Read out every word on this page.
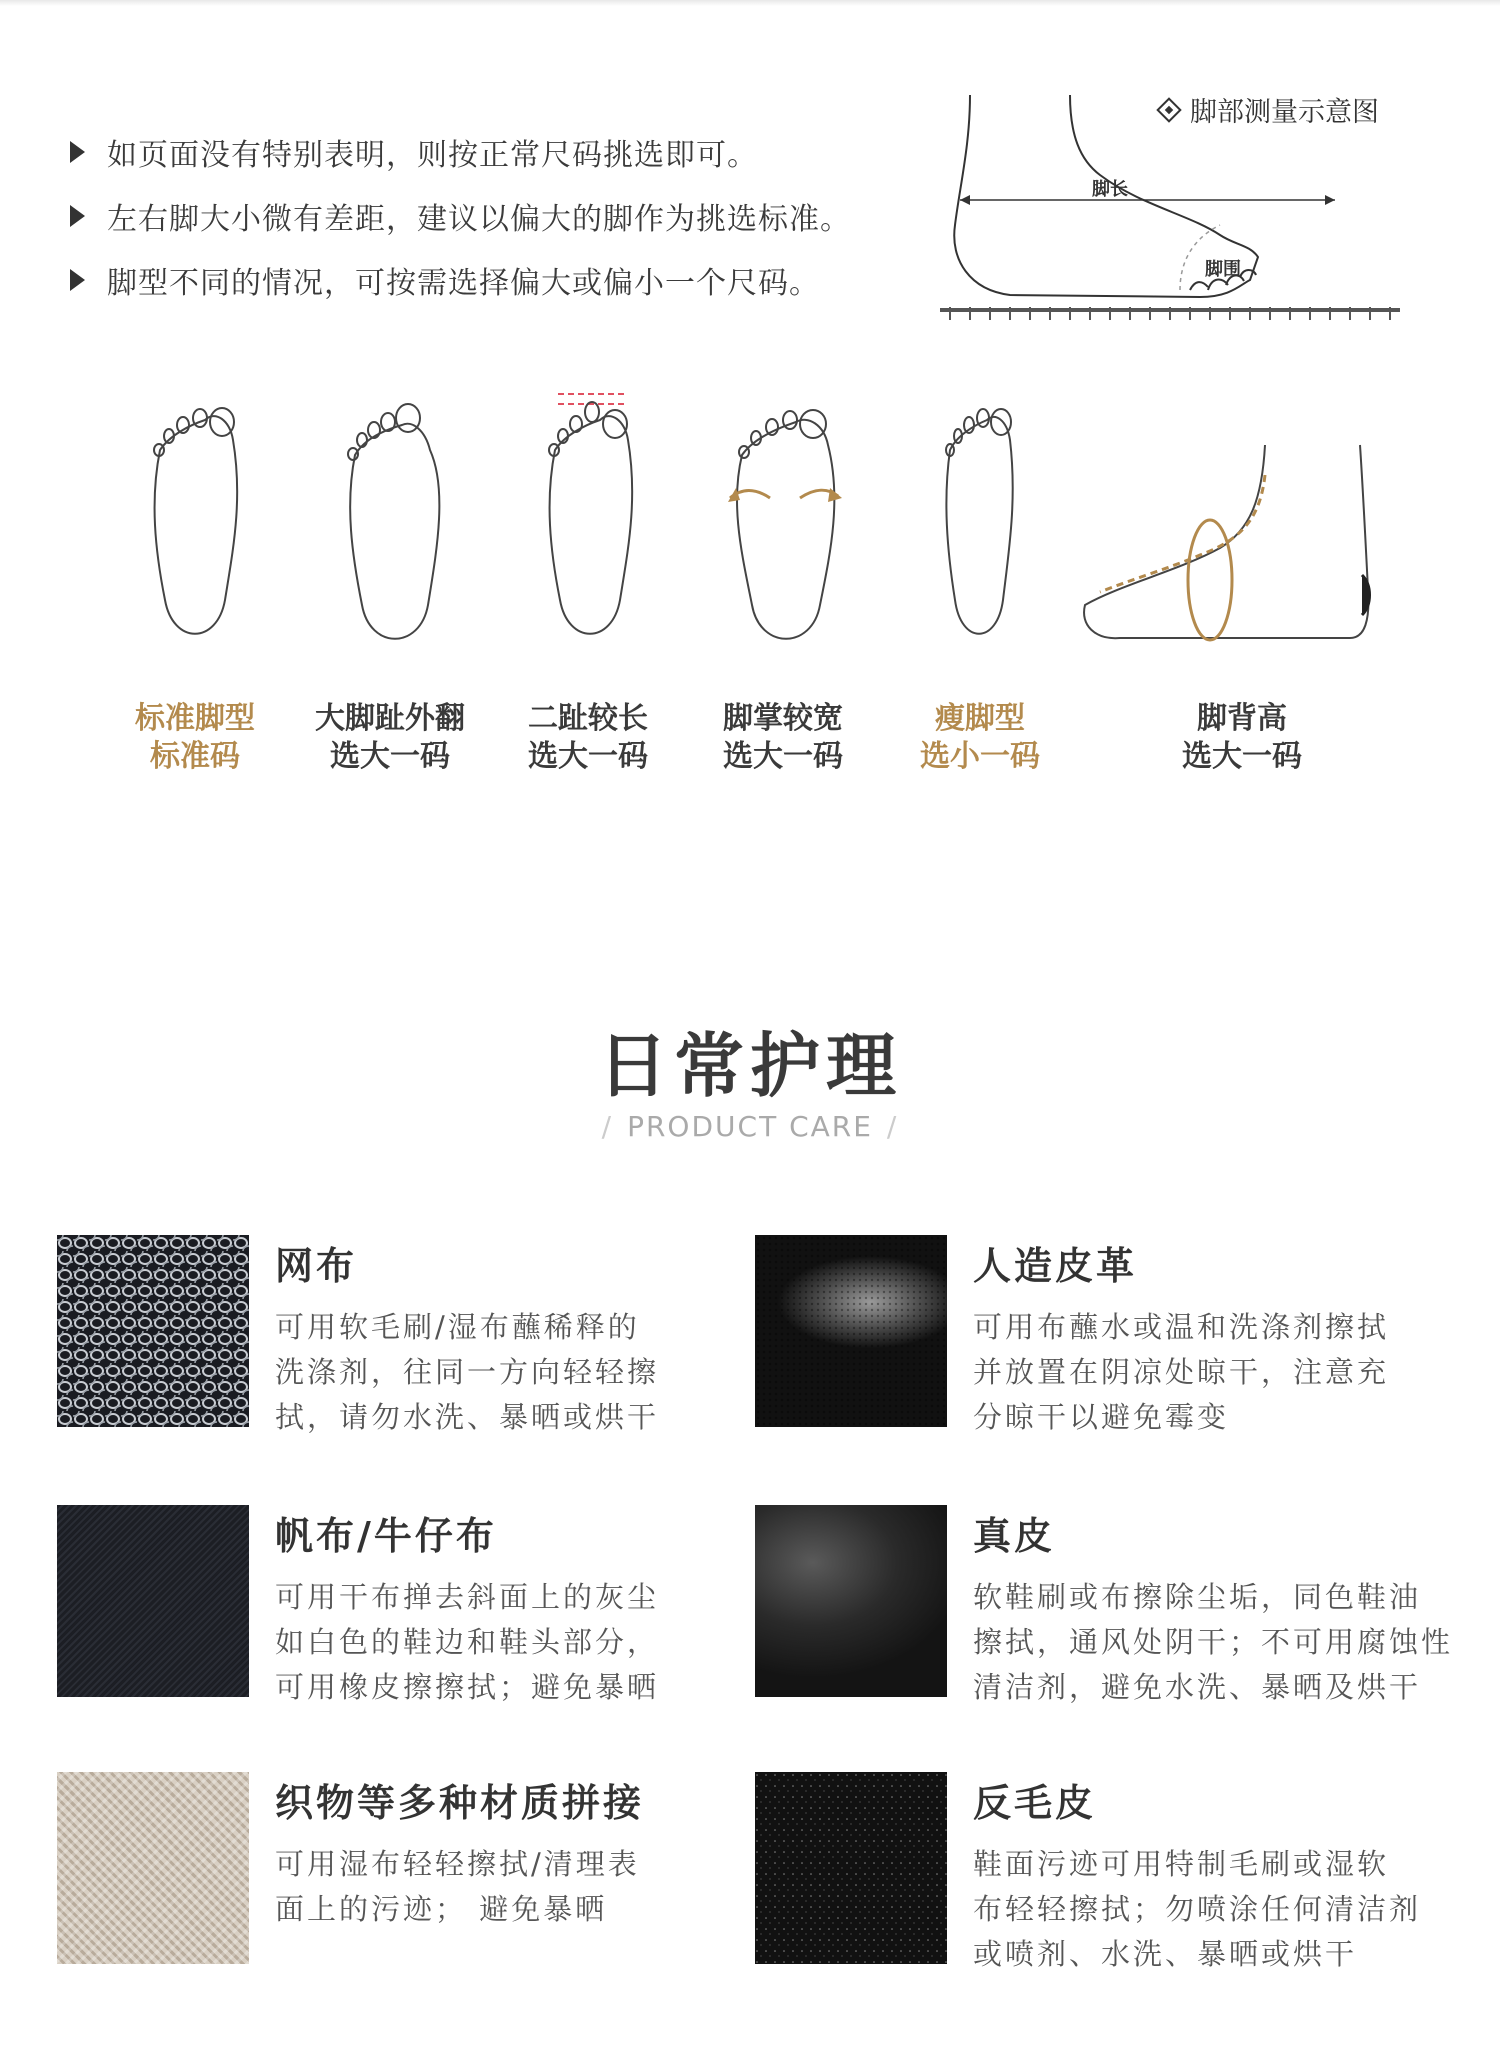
如页面没有特别表明，则按正常尺码挑选即可。
左右脚大小微有差距，建议以偏大的脚作为挑选标准。
脚型不同的情况，可按需选择偏大或偏小一个尺码。
脚部测量示意图
脚长
脚围
标准脚型
标准码
大脚趾外翻
选大一码
二趾较长
选大一码
脚掌较宽
选大一码
瘦脚型
选小一码
脚背高
选大一码
日常护理
/ PRODUCT CARE /
网布
可用软毛刷/湿布蘸稀释的
洗涤剂，往同一方向轻轻擦
拭，请勿水洗、暴晒或烘干
人造皮革
可用布蘸水或温和洗涤剂擦拭
并放置在阴凉处晾干，注意充
分晾干以避免霉变
帆布/牛仔布
可用干布掸去斜面上的灰尘
如白色的鞋边和鞋头部分，
可用橡皮擦擦拭；避免暴晒
真皮
软鞋刷或布擦除尘垢，同色鞋油
擦拭，通风处阴干；不可用腐蚀性
清洁剂，避免水洗、暴晒及烘干
织物等多种材质拼接
可用湿布轻轻擦拭/清理表
面上的污迹； 避免暴晒
反毛皮
鞋面污迹可用特制毛刷或湿软
布轻轻擦拭；勿喷涂任何清洁剂
或喷剂、水洗、暴晒或烘干
